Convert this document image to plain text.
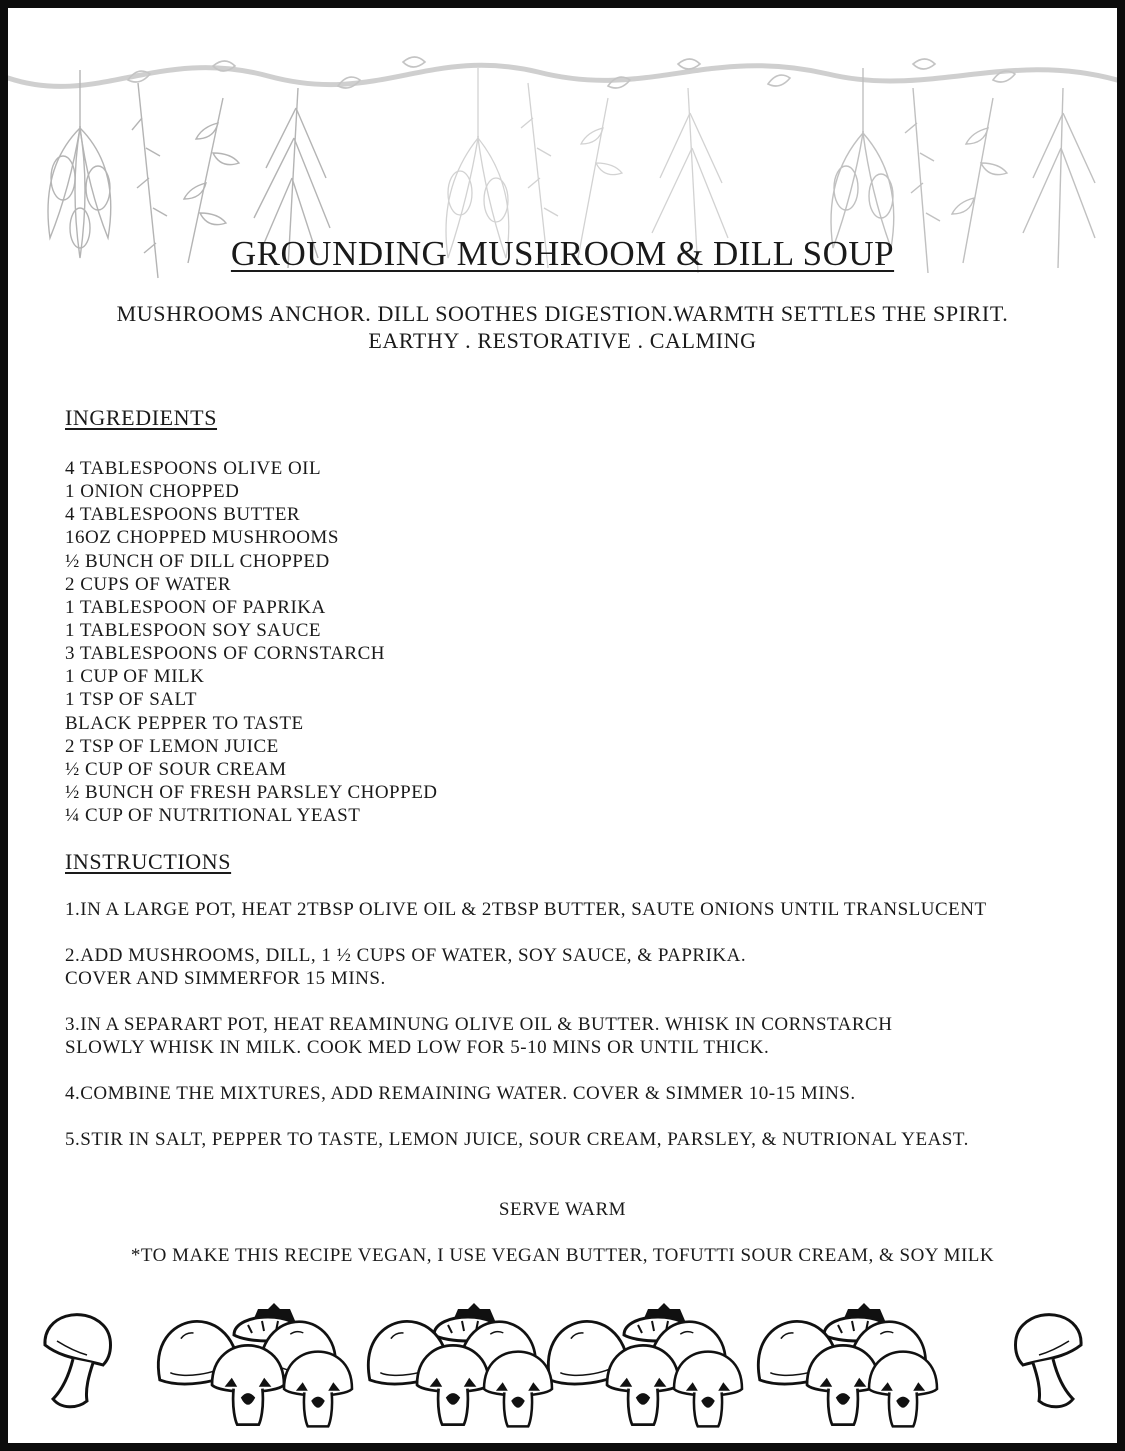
GROUNDING MUSHROOM & DILL SOUP
MUSHROOMS ANCHOR. DILL SOOTHES DIGESTION.WARMTH SETTLES THE SPIRIT.
EARTHY . RESTORATIVE . CALMING
INGREDIENTS
4 TABLESPOONS OLIVE OIL
1 ONION CHOPPED
4 TABLESPOONS BUTTER
16OZ CHOPPED MUSHROOMS
½ BUNCH OF DILL CHOPPED
2 CUPS OF WATER
1 TABLESPOON OF PAPRIKA
1 TABLESPOON SOY SAUCE
3 TABLESPOONS OF CORNSTARCH
1 CUP OF MILK
1 TSP OF SALT
BLACK PEPPER TO TASTE
2 TSP OF LEMON JUICE
½ CUP OF SOUR CREAM
½ BUNCH OF FRESH PARSLEY CHOPPED
¼ CUP OF NUTRITIONAL YEAST
INSTRUCTIONS

1.IN A LARGE POT, HEAT 2TBSP OLIVE OIL & 2TBSP BUTTER, SAUTE ONIONS UNTIL TRANSLUCENT

2.ADD MUSHROOMS, DILL, 1 ½ CUPS OF WATER, SOY SAUCE, & PAPRIKA.

COVER AND SIMMERFOR 15 MINS.

3.IN A SEPARART POT, HEAT REAMINUNG OLIVE OIL & BUTTER. WHISK IN CORNSTARCH

SLOWLY WHISK IN MILK. COOK MED LOW FOR 5-10 MINS OR UNTIL THICK.

4.COMBINE THE MIXTURES, ADD REMAINING WATER. COVER & SIMMER 10-15 MINS.

5.STIR IN SALT, PEPPER TO TASTE, LEMON JUICE, SOUR CREAM, PARSLEY, & NUTRIONAL YEAST.

SERVE WARM
*TO MAKE THIS RECIPE VEGAN, I USE VEGAN BUTTER, TOFUTTI SOUR CREAM, & SOY MILK
